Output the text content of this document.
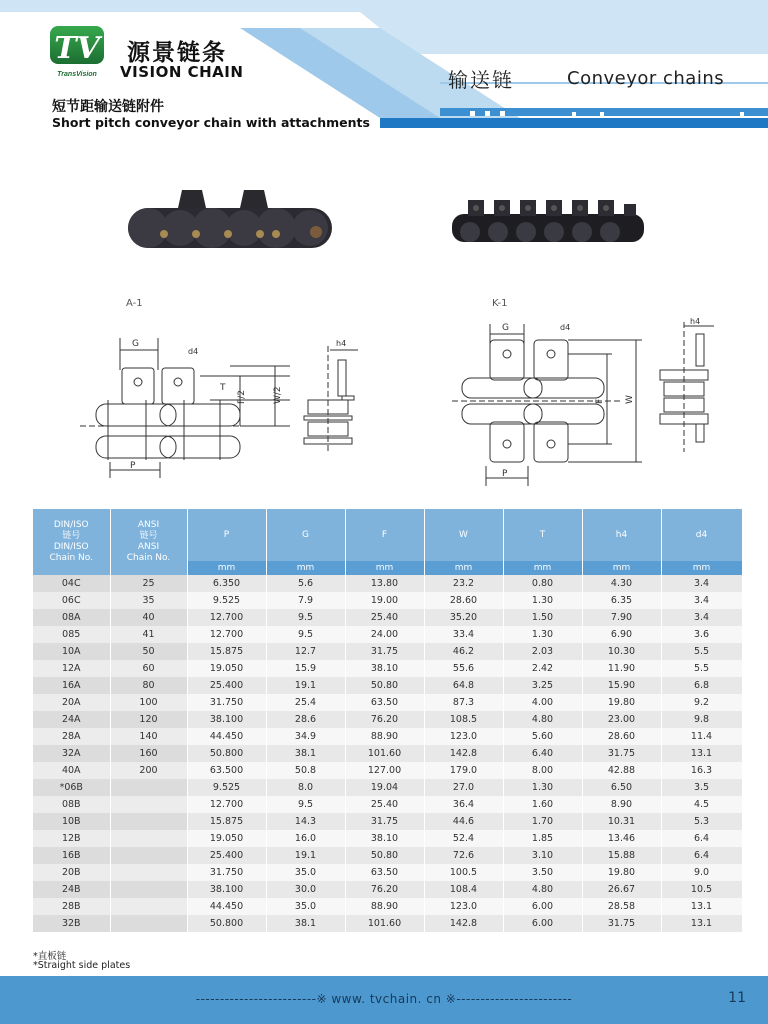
TV
TransVision
源景链条
VISION CHAIN	输送链	Conveyor chains
短节距输送链附件
Short pitch conveyor chain with attachments
A-1
G
d4
P
T
F/2	W/2
h4
K-1
G	d4
P
F W
h4
DIN/ISO
链号
DIN/ISO
Chain No.	ANSI
链号
ANSI
Chain No.	P	G	F	W	T	h4	d4
		mm	mm	mm	mm	mm	mm	mm
04C	25	6.350	5.6	13.80	23.2	0.80	4.30	3.4
06C	35	9.525	7.9	19.00	28.60	1.30	6.35	3.4
08A	40	12.700	9.5	25.40	35.20	1.50	7.90	3.4
085	41	12.700	9.5	24.00	33.4	1.30	6.90	3.6
10A	50	15.875	12.7	31.75	46.2	2.03	10.30	5.5
12A	60	19.050	15.9	38.10	55.6	2.42	11.90	5.5
16A	80	25.400	19.1	50.80	64.8	3.25	15.90	6.8
20A	100	31.750	25.4	63.50	87.3	4.00	19.80	9.2
24A	120	38.100	28.6	76.20	108.5	4.80	23.00	9.8
28A	140	44.450	34.9	88.90	123.0	5.60	28.60	11.4
32A	160	50.800	38.1	101.60	142.8	6.40	31.75	13.1
40A	200	63.500	50.8	127.00	179.0	8.00	42.88	16.3
*06B		9.525	8.0	19.04	27.0	1.30	6.50	3.5
08B		12.700	9.5	25.40	36.4	1.60	8.90	4.5
10B		15.875	14.3	31.75	44.6	1.70	10.31	5.3
12B		19.050	16.0	38.10	52.4	1.85	13.46	6.4
16B		25.400	19.1	50.80	72.6	3.10	15.88	6.4
20B		31.750	35.0	63.50	100.5	3.50	19.80	9.0
24B		38.100	30.0	76.20	108.4	4.80	26.67	10.5
28B		44.450	35.0	88.90	123.0	6.00	28.58	13.1
32B		50.800	38.1	101.60	142.8	6.00	31.75	13.1
*直板链
*Straight side plates
-------------------------※ www. tvchain. cn ※------------------------	11
